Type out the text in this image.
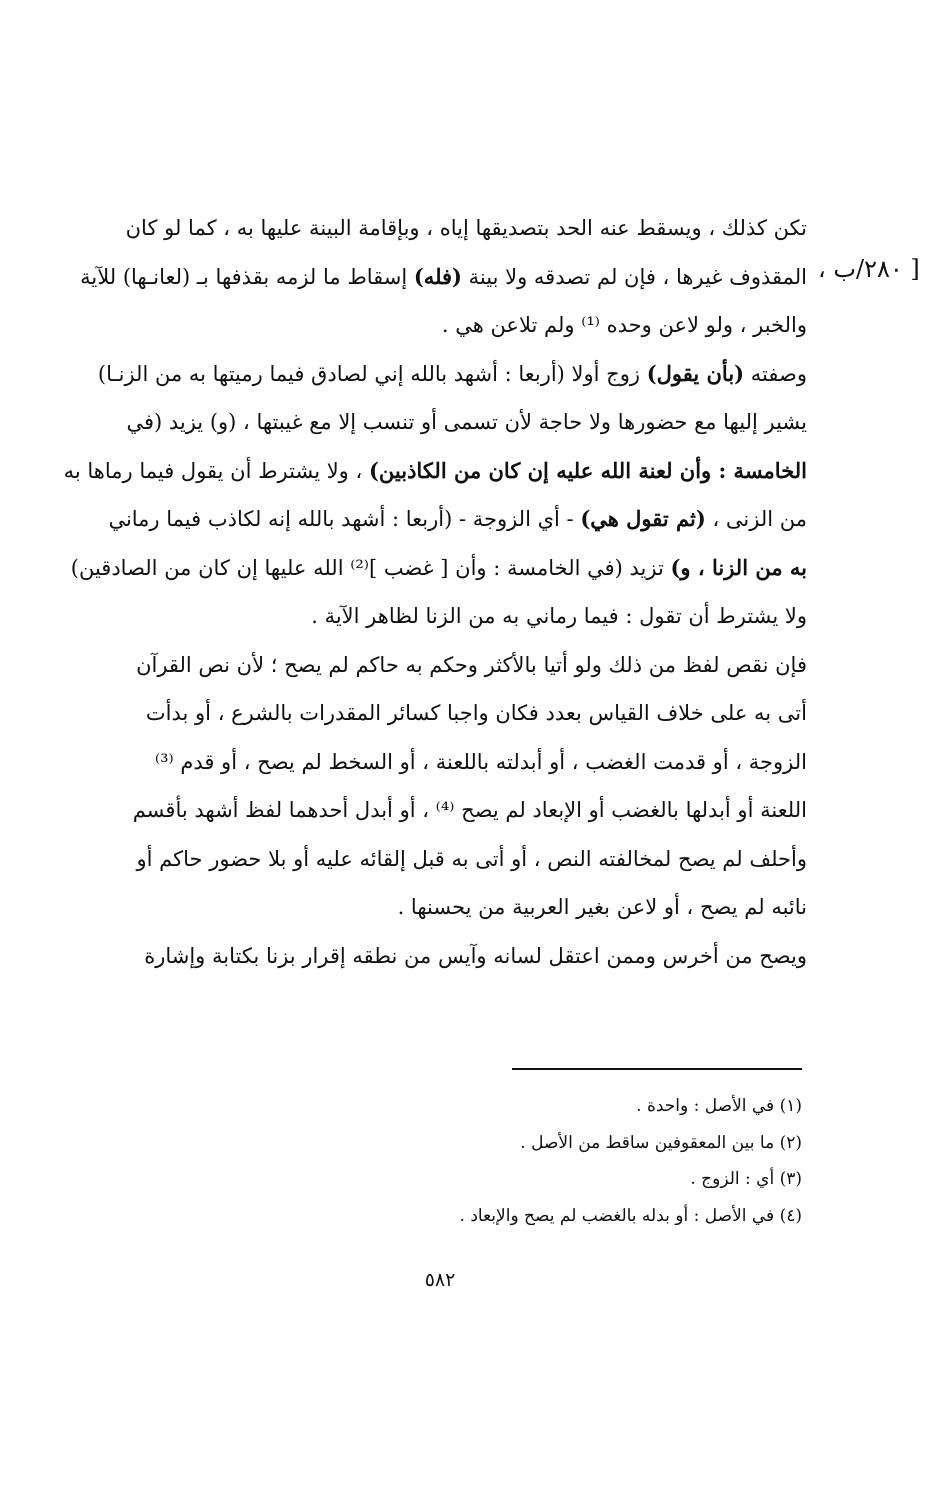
[ ٢٨٠/ب ،
تكن كذلك ، ويسقط عنه الحد بتصديقها إياه ، وبإقامة البينة عليها به ، كما لو كان
المقذوف غيرها ، فإن لم تصدقه ولا بينة (فله) إسقاط ما لزمه بقذفها بـ (لعانـها) للآية
والخبر ، ولو لاعن وحده ⁽¹⁾ ولم تلاعن هي .
وصفته (بأن يقول) زوج أولا (أربعا : أشهد بالله إني لصادق فيما رميتها به من الزنـا)
يشير إليها مع حضورها ولا حاجة لأن تسمى أو تنسب إلا مع غيبتها ، (و) يزيد (في
الخامسة : وأن لعنة الله عليه إن كان من الكاذبين) ، ولا يشترط أن يقول فيما رماها به
من الزنى ، (ثم تقول هي) - أي الزوجة - (أربعا : أشهد بالله إنه لكاذب فيما رماني
به من الزنا ، و) تزيد (في الخامسة : وأن [ غضب ]⁽²⁾ الله عليها إن كان من الصادقين)
ولا يشترط أن تقول : فيما رماني به من الزنا لظاهر الآية .
فإن نقص لفظ من ذلك ولو أتيا بالأكثر وحكم به حاكم لم يصح ؛ لأن نص القرآن
أتى به على خلاف القياس بعدد فكان واجبا كسائر المقدرات بالشرع ، أو بدأت
الزوجة ، أو قدمت الغضب ، أو أبدلته باللعنة ، أو السخط لم يصح ، أو قدم ⁽³⁾
اللعنة أو أبدلها بالغضب أو الإبعاد لم يصح ⁽⁴⁾ ، أو أبدل أحدهما لفظ أشهد بأقسم
وأحلف لم يصح لمخالفته النص ، أو أتى به قبل إلقائه عليه أو بلا حضور حاكم أو
نائبه لم يصح ، أو لاعن بغير العربية من يحسنها .
ويصح من أخرس وممن اعتقل لسانه وآيس من نطقه إقرار بزنا بكتابة وإشارة
(١) في الأصل : واحدة .
(٢) ما بين المعقوفين ساقط من الأصل .
(٣) أي : الزوج .
(٤) في الأصل : أو بدله بالغضب لم يصح والإبعاد .
٥٨٢
